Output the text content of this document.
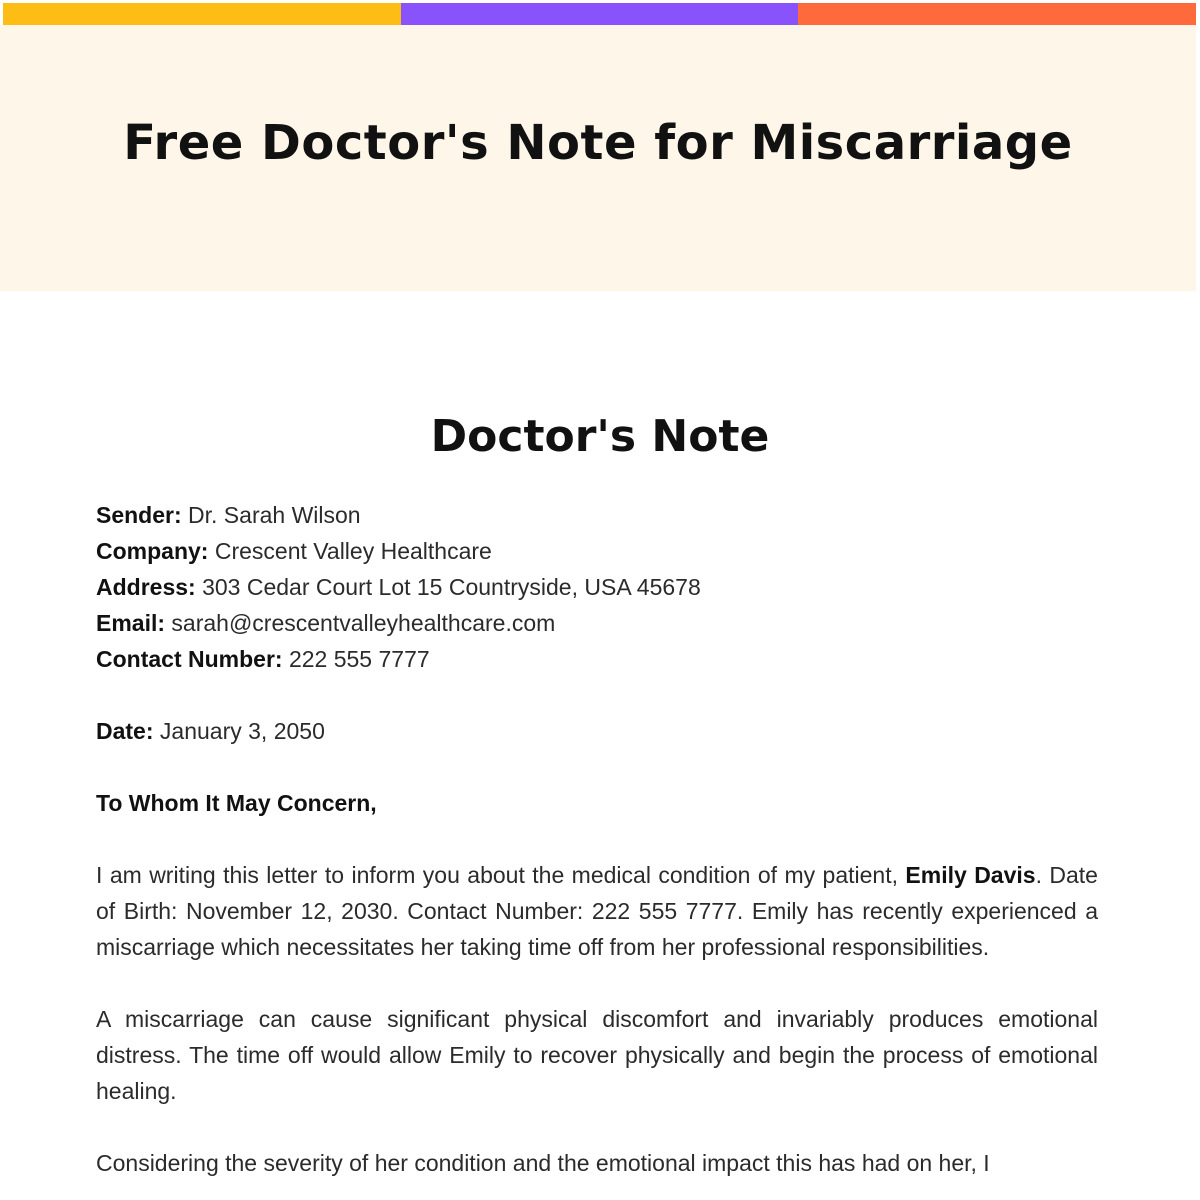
Free Doctor's Note for Miscarriage
Doctor's Note

Sender: Dr. Sarah Wilson

Company: Crescent Valley Healthcare

Address: 303 Cedar Court Lot 15 Countryside, USA 45678

Email: sarah@crescentvalleyhealthcare.com

Contact Number: 222 555 7777

Date: January 3, 2050

To Whom It May Concern,

I am writing this letter to inform you about the medical condition of my patient, Emily Davis. Date of Birth: November 12, 2030. Contact Number: 222 555 7777. Emily has recently experienced a miscarriage which necessitates her taking time off from her professional responsibilities.

A miscarriage can cause significant physical discomfort and invariably produces emotional distress. The time off would allow Emily to recover physically and begin the process of emotional healing.

Considering the severity of her condition and the emotional impact this has had on her, I
